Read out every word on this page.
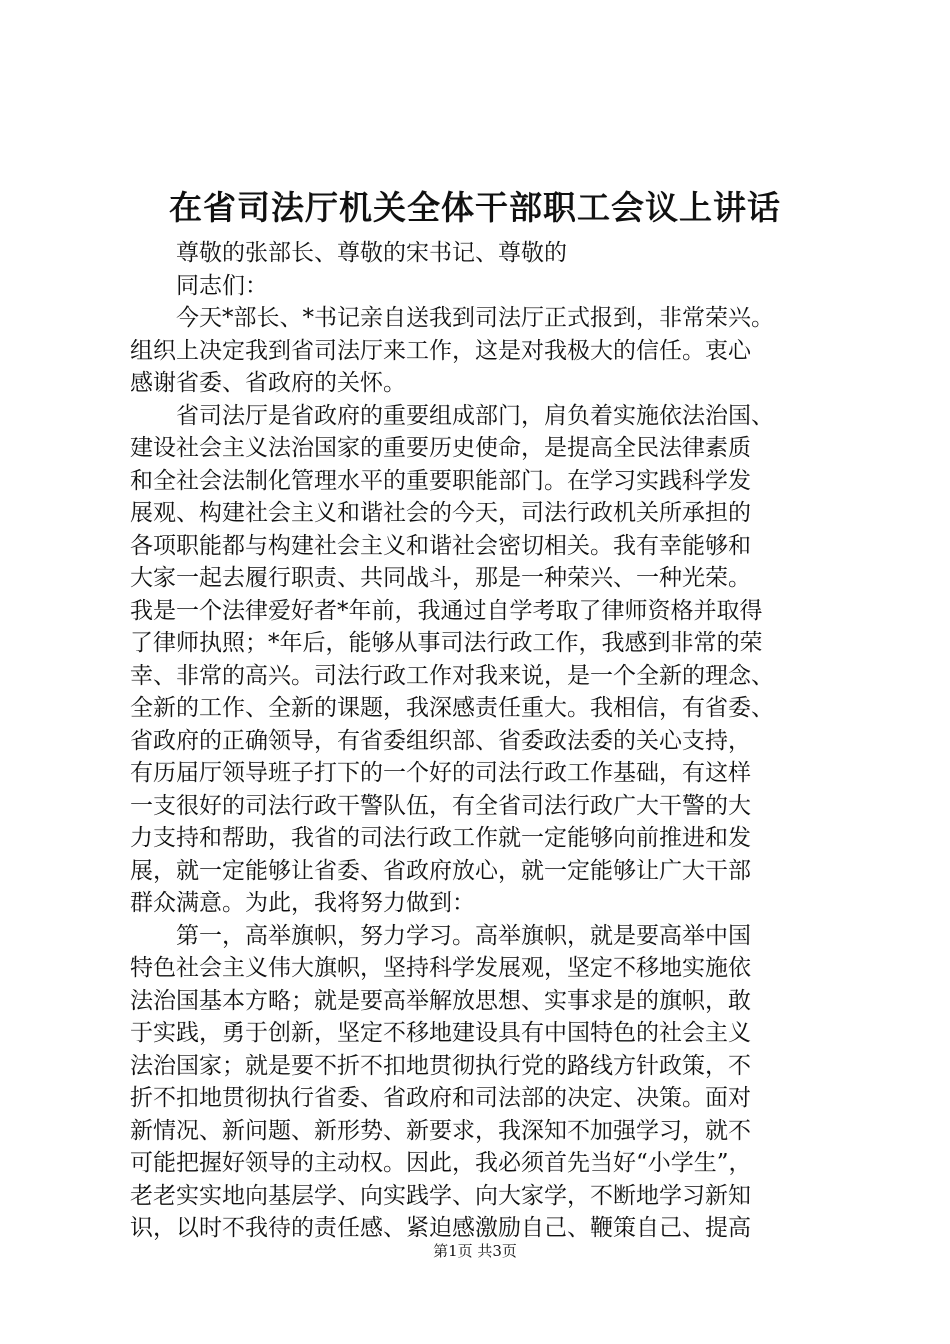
在省司法厅机关全体干部职工会议上讲话
尊敬的张部长、尊敬的宋书记、尊敬的
同志们：
今天*部长、*书记亲自送我到司法厅正式报到，非常荣兴。
组织上决定我到省司法厅来工作，这是对我极大的信任。衷心
感谢省委、省政府的关怀。
省司法厅是省政府的重要组成部门，肩负着实施依法治国、
建设社会主义法治国家的重要历史使命，是提高全民法律素质
和全社会法制化管理水平的重要职能部门。在学习实践科学发
展观、构建社会主义和谐社会的今天，司法行政机关所承担的
各项职能都与构建社会主义和谐社会密切相关。我有幸能够和
大家一起去履行职责、共同战斗，那是一种荣兴、一种光荣。
我是一个法律爱好者*年前，我通过自学考取了律师资格并取得
了律师执照；*年后，能够从事司法行政工作，我感到非常的荣
幸、非常的高兴。司法行政工作对我来说，是一个全新的理念、
全新的工作、全新的课题，我深感责任重大。我相信，有省委、
省政府的正确领导，有省委组织部、省委政法委的关心支持，
有历届厅领导班子打下的一个好的司法行政工作基础，有这样
一支很好的司法行政干警队伍，有全省司法行政广大干警的大
力支持和帮助，我省的司法行政工作就一定能够向前推进和发
展，就一定能够让省委、省政府放心，就一定能够让广大干部
群众满意。为此，我将努力做到：
第一，高举旗帜，努力学习。高举旗帜，就是要高举中国
特色社会主义伟大旗帜，坚持科学发展观，坚定不移地实施依
法治国基本方略；就是要高举解放思想、实事求是的旗帜，敢
于实践，勇于创新，坚定不移地建设具有中国特色的社会主义
法治国家；就是要不折不扣地贯彻执行党的路线方针政策，不
折不扣地贯彻执行省委、省政府和司法部的决定、决策。面对
新情况、新问题、新形势、新要求，我深知不加强学习，就不
可能把握好领导的主动权。因此，我必须首先当好“小学生”，
老老实实地向基层学、向实践学、向大家学，不断地学习新知
识，以时不我待的责任感、紧迫感激励自己、鞭策自己、提高
第1页 共3页
